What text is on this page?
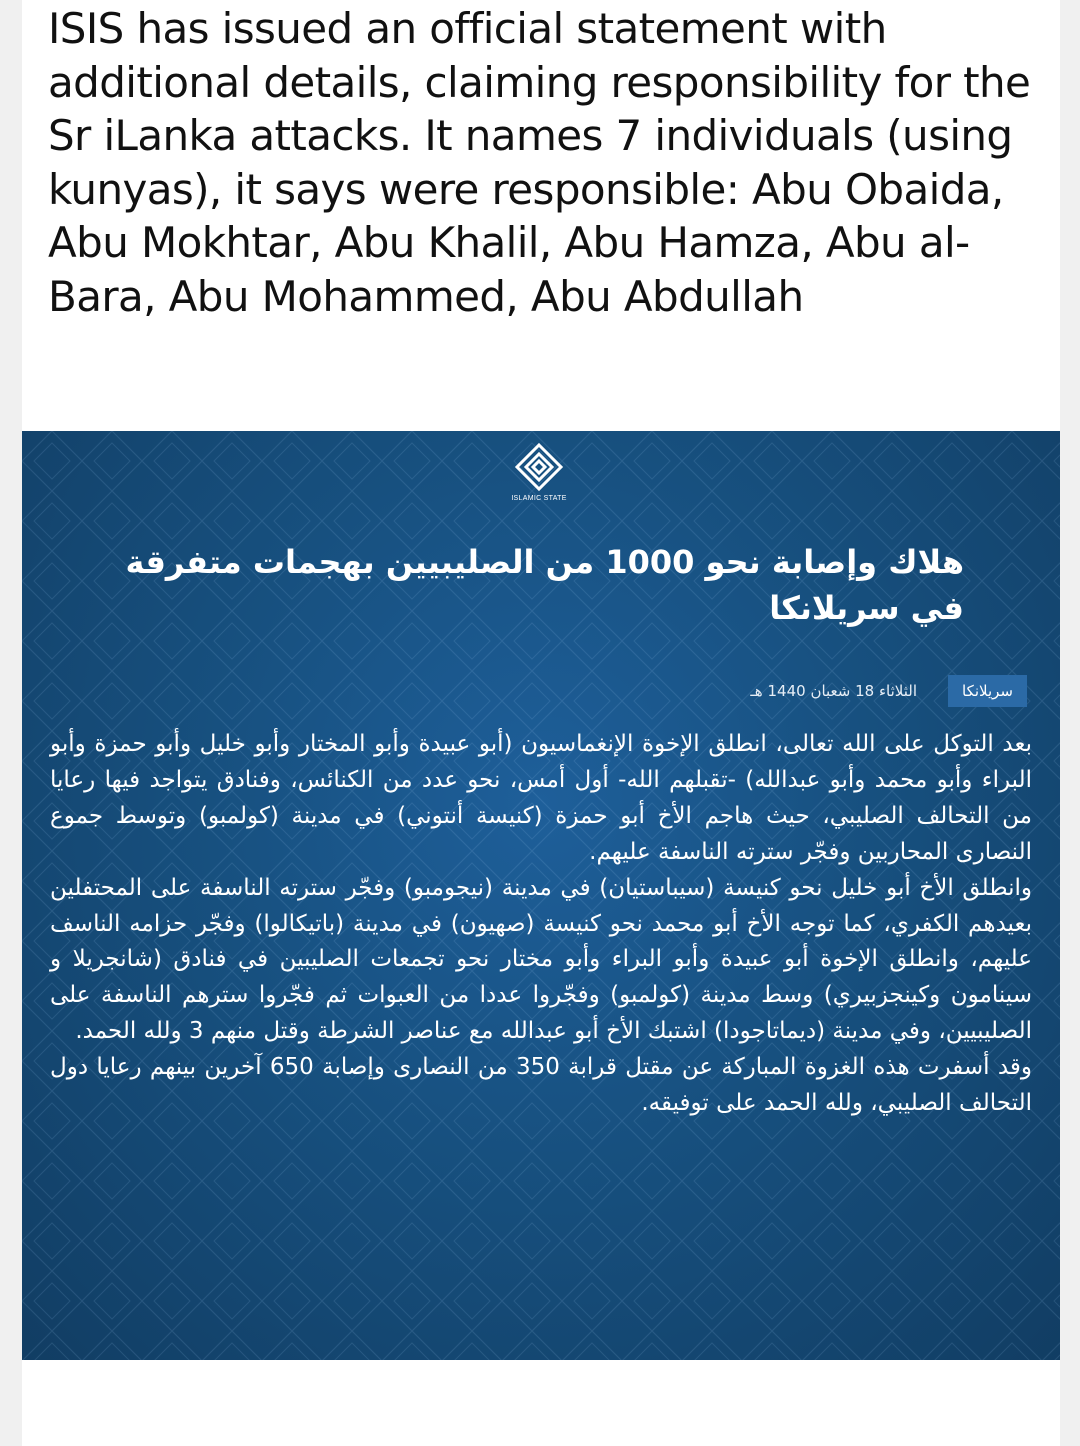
ISIS has issued an official statement with additional details, claiming responsibility for the Sr iLanka attacks. It names 7 individuals (using kunyas), it says were responsible: Abu Obaida, Abu Mokhtar, Abu Khalil, Abu Hamza, Abu al-Bara, Abu Mohammed, Abu Abdullah

ISLAMIC STATE

هلاك وإصابة نحو 1000 من الصليبيين بهجمات متفرقة في سريلانكا

سريلانكا
الثلاثاء 18 شعبان 1440 هـ

بعد التوكل على الله تعالى، انطلق الإخوة الإنغماسيون (أبو عبيدة وأبو المختار وأبو خليل وأبو حمزة وأبو البراء وأبو محمد وأبو عبدالله) -تقبلهم الله- أول أمس، نحو عدد من الكنائس، وفنادق يتواجد فيها رعايا من التحالف الصليبي، حيث هاجم الأخ أبو حمزة (كنيسة أنتوني) في مدينة (كولمبو) وتوسط جموع النصارى المحاربين وفجّر سترته الناسفة عليهم.

وانطلق الأخ أبو خليل نحو كنيسة (سيباستيان) في مدينة (نيجومبو) وفجّر سترته الناسفة على المحتفلين بعيدهم الكفري، كما توجه الأخ أبو محمد نحو كنيسة (صهيون) في مدينة (باتيكالوا) وفجّر حزامه الناسف عليهم، وانطلق الإخوة أبو عبيدة وأبو البراء وأبو مختار نحو تجمعات الصليبين في فنادق (شانجريلا و سينامون وكينجزبيري) وسط مدينة (كولمبو) وفجّروا عددا من العبوات ثم فجّروا سترهم الناسفة على الصليبيين، وفي مدينة (ديماتاجودا) اشتبك الأخ أبو عبدالله مع عناصر الشرطة وقتل منهم 3 ولله الحمد.

وقد أسفرت هذه الغزوة المباركة عن مقتل قرابة 350 من النصارى وإصابة 650 آخرين بينهم رعايا دول التحالف الصليبي، ولله الحمد على توفيقه.
